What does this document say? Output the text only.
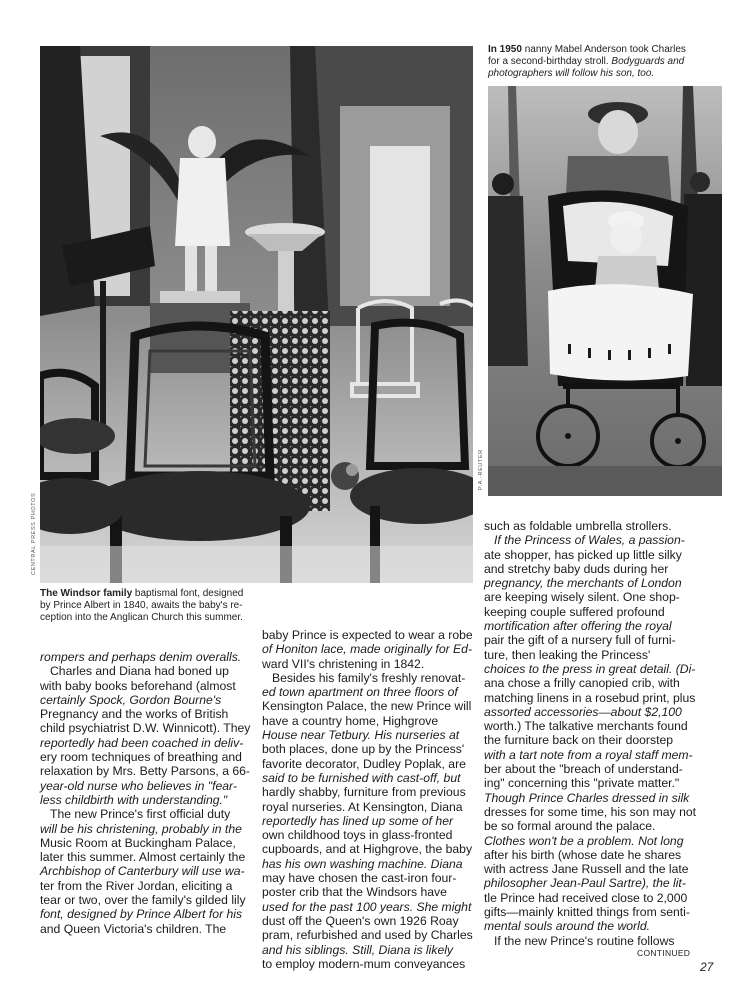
CENTRAL PRESS PHOTOS
P.A.-REUTER
In 1950 nanny Mabel Anderson took Charles
for a second-birthday stroll. Bodyguards and
photographers will follow his son, too.
The Windsor family baptismal font, designed
by Prince Albert in 1840, awaits the baby's re-
ception into the Anglican Church this summer.
rompers and perhaps denim overalls.
Charles and Diana had boned up
with baby books beforehand (almost
certainly Spock, Gordon Bourne's
Pregnancy and the works of British
child psychiatrist D.W. Winnicott). They
reportedly had been coached in deliv-
ery room techniques of breathing and
relaxation by Mrs. Betty Parsons, a 66-
year-old nurse who believes in "fear-
less childbirth with understanding."
The new Prince's first official duty
will be his christening, probably in the
Music Room at Buckingham Palace,
later this summer. Almost certainly the
Archbishop of Canterbury will use wa-
ter from the River Jordan, eliciting a
tear or two, over the family's gilded lily
font, designed by Prince Albert for his
and Queen Victoria's children. The
baby Prince is expected to wear a robe
of Honiton lace, made originally for Ed-
ward VII's christening in 1842.
Besides his family's freshly renovat-
ed town apartment on three floors of
Kensington Palace, the new Prince will
have a country home, Highgrove
House near Tetbury. His nurseries at
both places, done up by the Princess'
favorite decorator, Dudley Poplak, are
said to be furnished with cast-off, but
hardly shabby, furniture from previous
royal nurseries. At Kensington, Diana
reportedly has lined up some of her
own childhood toys in glass-fronted
cupboards, and at Highgrove, the baby
has his own washing machine. Diana
may have chosen the cast-iron four-
poster crib that the Windsors have
used for the past 100 years. She might
dust off the Queen's own 1926 Roay
pram, refurbished and used by Charles
and his siblings. Still, Diana is likely
to employ modern-mum conveyances
such as foldable umbrella strollers.
If the Princess of Wales, a passion-
ate shopper, has picked up little silky
and stretchy baby duds during her
pregnancy, the merchants of London
are keeping wisely silent. One shop-
keeping couple suffered profound
mortification after offering the royal
pair the gift of a nursery full of furni-
ture, then leaking the Princess'
choices to the press in great detail. (Di-
ana chose a frilly canopied crib, with
matching linens in a rosebud print, plus
assorted accessories—about $2,100
worth.) The talkative merchants found
the furniture back on their doorstep
with a tart note from a royal staff mem-
ber about the "breach of understand-
ing" concerning this "private matter."
Though Prince Charles dressed in silk
dresses for some time, his son may not
be so formal around the palace.
Clothes won't be a problem. Not long
after his birth (whose date he shares
with actress Jane Russell and the late
philosopher Jean-Paul Sartre), the lit-
tle Prince had received close to 2,000
gifts—mainly knitted things from senti-
mental souls around the world.
If the new Prince's routine follows
CONTINUED
27
